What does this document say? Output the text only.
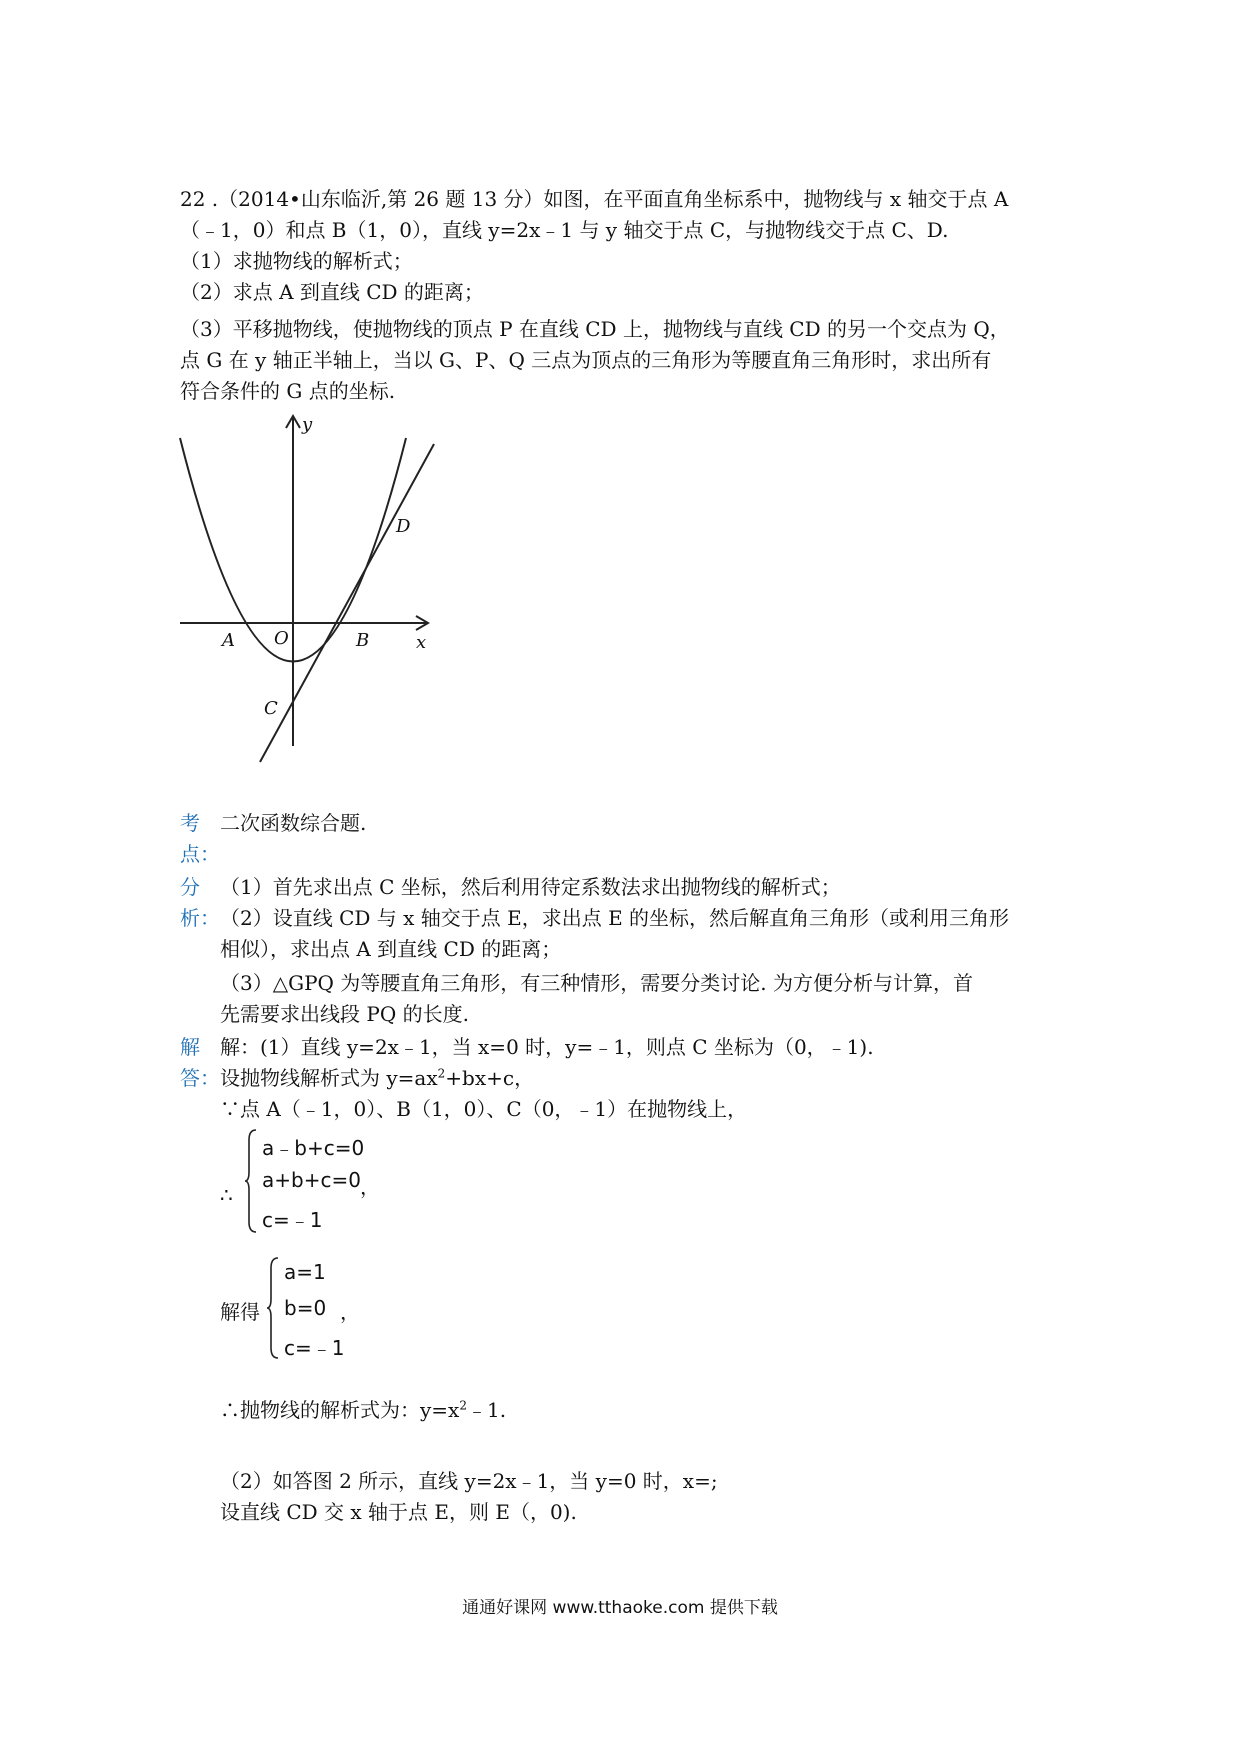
22 .（2014•山东临沂,第 26 题 13 分）如图，在平面直角坐标系中，抛物线与 x 轴交于点 A
（﹣1，0）和点 B（1，0），直线 y=2x﹣1 与 y 轴交于点 C，与抛物线交于点 C、D.
（1）求抛物线的解析式；
（2）求点 A 到直线 CD 的距离；
（3）平移抛物线，使抛物线的顶点 P 在直线 CD 上，抛物线与直线 CD 的另一个交点为 Q，
点 G 在 y 轴正半轴上，当以 G、P、Q 三点为顶点的三角形为等腰直角三角形时，求出所有
符合条件的 G 点的坐标.
y
x
A O	B
C
D
考
点：
二次函数综合题.
分
析：
（1）首先求出点 C 坐标，然后利用待定系数法求出抛物线的解析式；
（2）设直线 CD 与 x 轴交于点 E，求出点 E 的坐标，然后解直角三角形（或利用三角形
相似），求出点 A 到直线 CD 的距离；
（3）△GPQ 为等腰直角三角形，有三种情形，需要分类讨论. 为方便分析与计算，首
先需要求出线段 PQ 的长度.
解
答：
解：(1）直线 y=2x﹣1，当 x=0 时，y=﹣1，则点 C 坐标为（0，﹣1).
设抛物线解析式为 $y=ax^2+bx+c$，
∵点 A（﹣1，0）、B（1，0）、C（0，﹣1）在抛物线上，
∴
a﹣b+c=0
a+b+c=0
c=﹣1
，
解得
a=1
b=0
c=﹣1
，
∴抛物线的解析式为：$y=x^2﹣1$.
（2）如答图 2 所示，直线 y=2x﹣1，当 y=0 时，x=;
设直线 CD 交 x 轴于点 E，则 E（，0).
通通好课网 www.tthaoke.com 提供下载
